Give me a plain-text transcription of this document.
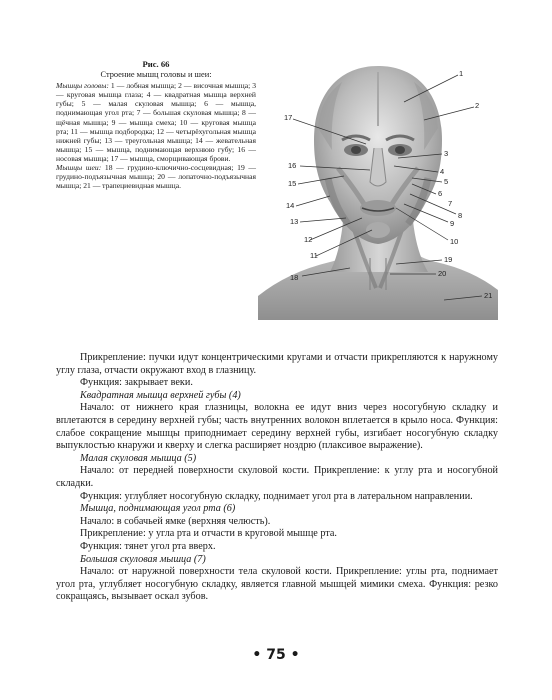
Рис. 66
Строение мышц головы и шеи:

Мышцы головы: 1 — лобная мышца; 2 — височная мышца; 3 — круговая мышца глаза; 4 — квадратная мышца верхней губы; 5 — малая скуловая мышца; 6 — мышца, поднимающая угол рта; 7 — большая скуловая мышца; 8 — щёчная мышца; 9 — мышца смеха; 10 — круговая мышца рта; 11 — мышца подбородка; 12 — четырёхугольная мышца нижней губы; 13 — треугольная мышца; 14 — жевательная мышца; 15 — мышца, поднимающая верхнюю губу; 16 — носовая мышца; 17 — мышца, сморщивающая брови.

Мышцы шеи: 18 — грудино-ключично-сосцевидная; 19 — грудино-подъязычная мышца; 20 — лопаточно-подъязычная мышца; 21 — трапециевидная мышца.

1
2
3
4
5
6
7
8
9
10
11
12
13
14
15
16
17
18
19
20
21

Прикрепление: пучки идут концентрическими кругами и отчасти прикрепляются к наружному углу глаза, отчасти окружают вход в глазницу.

Функция: закрывает веки.

Квадратная мышца верхней губы (4)

Начало: от нижнего края глазницы, волокна ее идут вниз через носогубную складку и вплетаются в середину верхней губы; часть внутренних волокон вплетается в крыло носа. Функция: слабое сокращение мышцы приподнимает середину верхней губы, изгибает носогубную складку выпуклостью кнаружи и кверху и слегка расширяет ноздрю (плаксивое выражение).

Малая скуловая мышца (5)

Начало: от передней поверхности скуловой кости. Прикрепление: к углу рта и носогубной складки.

Функция: углубляет носогубную складку, поднимает угол рта в латеральном направлении.

Мышца, поднимающая угол рта (6)

Начало: в собачьей ямке (верхняя челюсть).

Прикрепление: у угла рта и отчасти в круговой мышце рта.

Функция: тянет угол рта вверх.

Большая скуловая мышца (7)

Начало: от наружной поверхности тела скуловой кости. Прикрепление: углы рта, поднимает угол рта, углубляет носогубную складку, является главной мышцей мимики смеха. Функция: резко сокращаясь, вызывает оскал зубов.

• 75 •
